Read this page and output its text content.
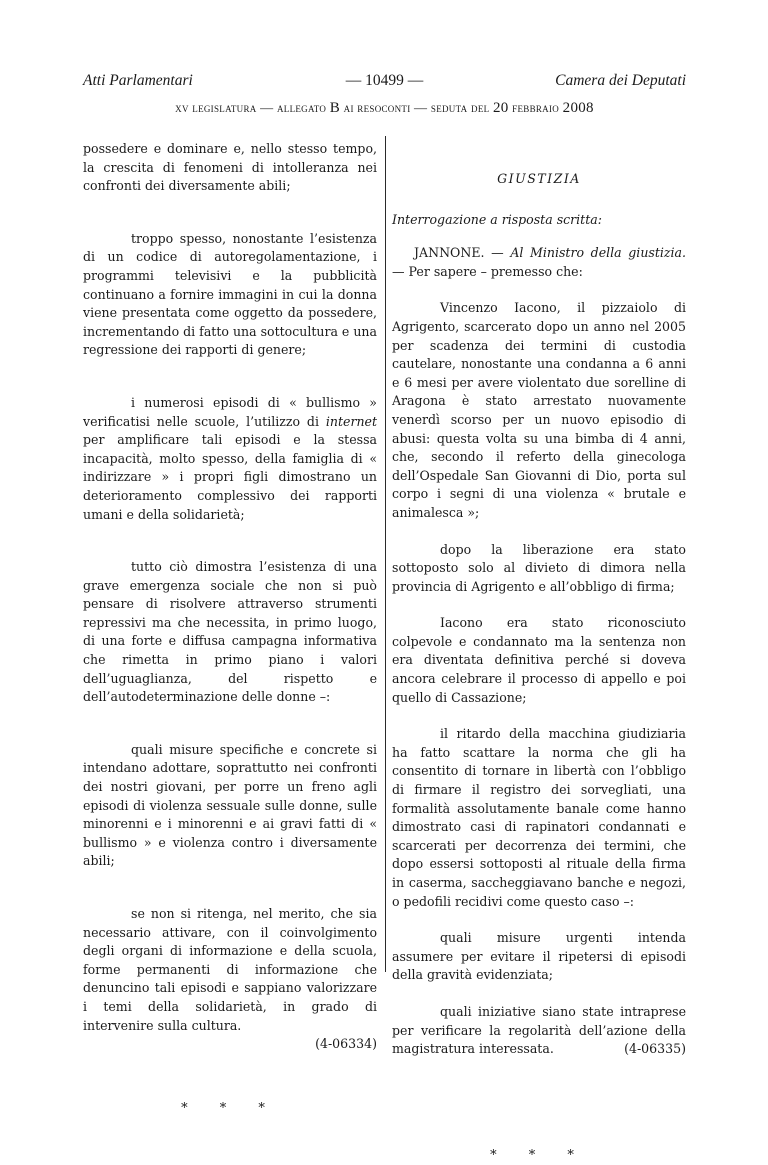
Atti Parlamentari	— 10499 —	Camera dei Deputati
xv legislatura — allegato B ai resoconti — seduta del 20 febbraio 2008

possedere e dominare e, nello stesso tempo, la crescita di fenomeni di intolleranza nei confronti dei diversamente abili;

troppo spesso, nonostante l’esistenza di un codice di autoregolamentazione, i programmi televisivi e la pubblicità continuano a fornire immagini in cui la donna viene presentata come oggetto da possedere, incrementando di fatto una sottocultura e una regressione dei rapporti di genere;

i numerosi episodi di « bullismo » verificatisi nelle scuole, l’utilizzo di internet per amplificare tali episodi e la stessa incapacità, molto spesso, della famiglia di « indirizzare » i propri figli dimostrano un deterioramento complessivo dei rapporti umani e della solidarietà;

tutto ciò dimostra l’esistenza di una grave emergenza sociale che non si può pensare di risolvere attraverso strumenti repressivi ma che necessita, in primo luogo, di una forte e diffusa campagna informativa che rimetta in primo piano i valori dell’uguaglianza, del rispetto e dell’autodeterminazione delle donne –:

quali misure specifiche e concrete si intendano adottare, soprattutto nei confronti dei nostri giovani, per porre un freno agli episodi di violenza sessuale sulle donne, sulle minorenni e i minorenni e ai gravi fatti di « bullismo » e violenza contro i diversamente abili;

se non si ritenga, nel merito, che sia necessario attivare, con il coinvolgimento degli organi di informazione e della scuola, forme permanenti di informazione che denuncino tali episodi e sappiano valorizzare i temi della solidarietà, in grado di intervenire sulla cultura.

(4-06334)

* * *

GIUSTIZIA

Interrogazione a risposta scritta:

JANNONE. — Al Ministro della giustizia. — Per sapere – premesso che:

Vincenzo Iacono, il pizzaiolo di Agrigento, scarcerato dopo un anno nel 2005 per scadenza dei termini di custodia cautelare, nonostante una condanna a 6 anni e 6 mesi per avere violentato due sorelline di Aragona è stato arrestato nuovamente venerdì scorso per un nuovo episodio di abusi: questa volta su una bimba di 4 anni, che, secondo il referto della ginecologa dell’Ospedale San Giovanni di Dio, porta sul corpo i segni di una violenza « brutale e animalesca »;

dopo la liberazione era stato sottoposto solo al divieto di dimora nella provincia di Agrigento e all’obbligo di firma;

Iacono era stato riconosciuto colpevole e condannato ma la sentenza non era diventata definitiva perché si doveva ancora celebrare il processo di appello e poi quello di Cassazione;

il ritardo della macchina giudiziaria ha fatto scattare la norma che gli ha consentito di tornare in libertà con l’obbligo di firmare il registro dei sorvegliati, una formalità assolutamente banale come hanno dimostrato casi di rapinatori condannati e scarcerati per decorrenza dei termini, che dopo essersi sottoposti al rituale della firma in caserma, saccheggiavano banche e negozi, o pedofili recidivi come questo caso –:

quali misure urgenti intenda assumere per evitare il ripetersi di episodi della gravità evidenziata;

quali iniziative siano state intraprese per verificare la regolarità dell’azione della magistratura interessata.	(4-06335)

* * *
